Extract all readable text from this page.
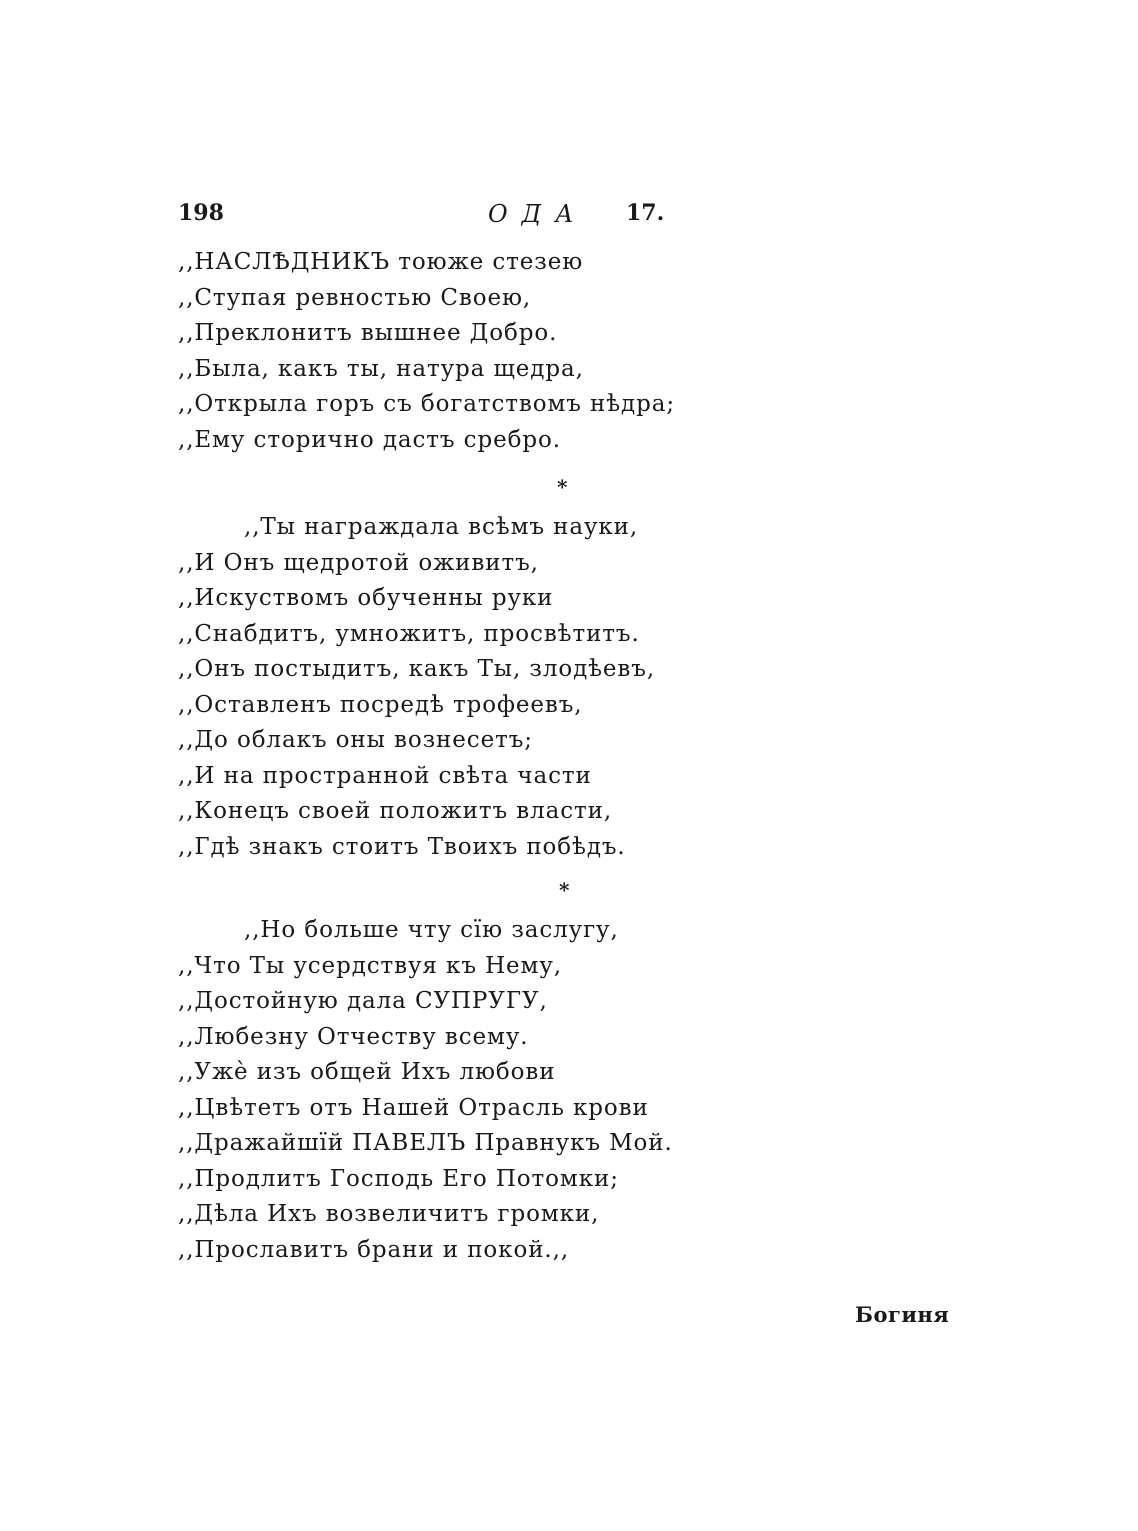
198	ОДА 17.
,,НАСЛѢДНИКЪ тоюже стезею
,,Ступая ревностью Своею,
,,Преклонитъ вышнее Добро.
,,Была, какъ ты, натура щедра,
,,Открыла горъ съ богатствомъ нѣдра;
,,Ему сторично дастъ сребро.
*
,,Ты награждала всѣмъ науки,
,,И Онъ щедротой оживитъ,
,,Искуствомъ обученны руки
,,Снабдитъ, умножитъ, просвѣтитъ.
,,Онъ постыдитъ, какъ Ты, злодѣевъ,
,,Оставленъ посредѣ трофеевъ,
,,До облакъ оны вознесетъ;
,,И на пространной свѣта части
,,Конецъ своей положитъ власти,
,,Гдѣ знакъ стоитъ Твоихъ побѣдъ.
*
,,Но больше чту сїю заслугу,
,,Что Ты усердствуя къ Нему,
,,Достойную дала СУПРУГУ,
,,Любезну Отчеству всему.
,,Ужѐ изъ общей Ихъ любови
,,Цвѣтетъ отъ Нашей Отрасль крови
,,Дражайшїй ПАВЕЛЪ Правнукъ Мой.
,,Продлитъ Господь Его Потомки;
,,Дѣла Ихъ возвеличитъ громки,
,,Прославитъ брани и покой.,,
Богиня
